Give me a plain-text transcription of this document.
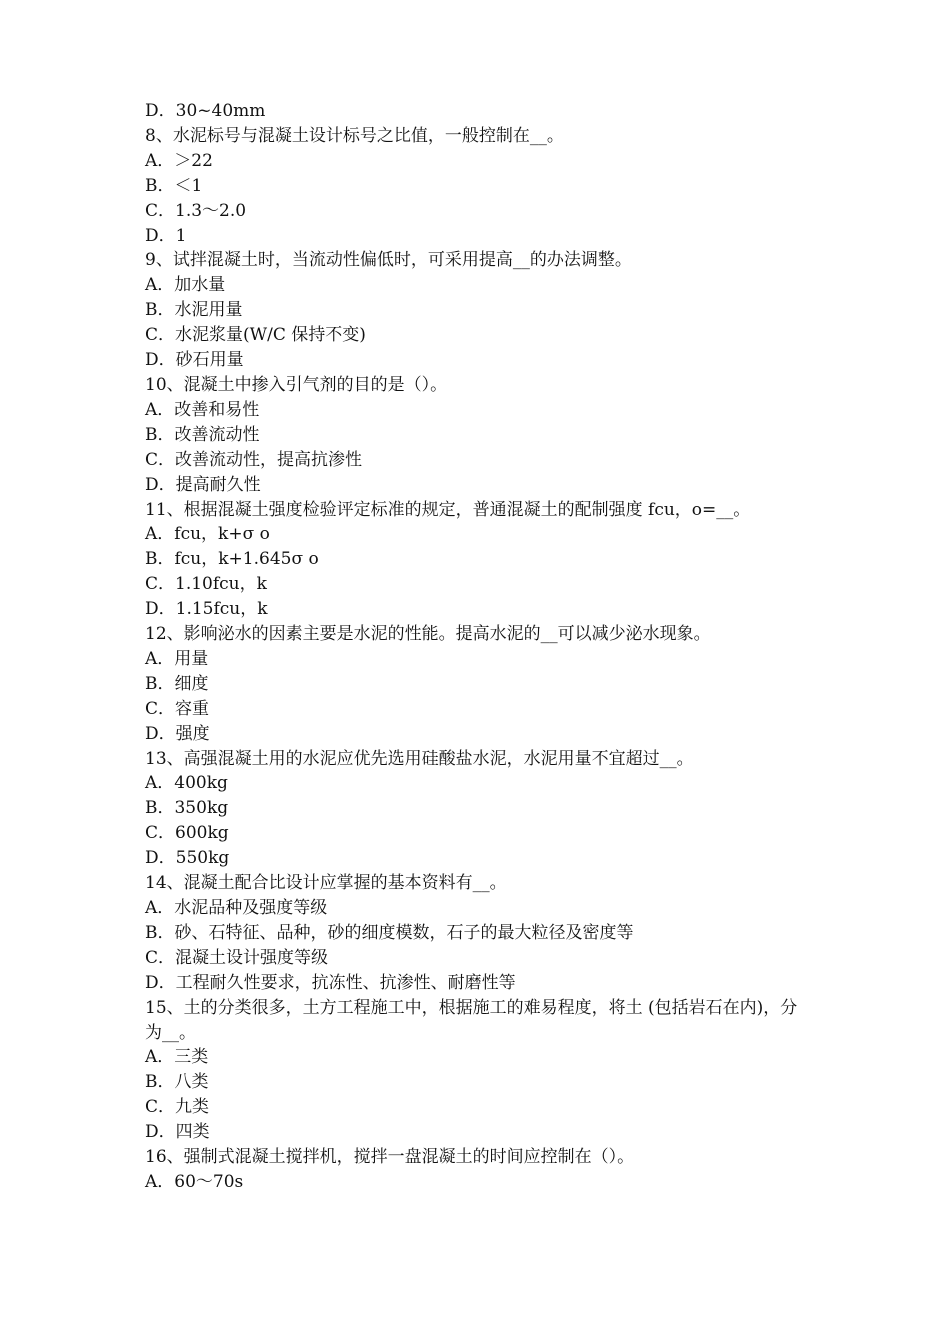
D．30~40mm
8、水泥标号与混凝土设计标号之比值，一般控制在__。
A．＞22
B．＜1
C．1.3～2.0
D．1
9、试拌混凝土时，当流动性偏低时，可采用提高__的办法调整。
A．加水量
B．水泥用量
C．水泥浆量(W/C 保持不变)
D．砂石用量
10、混凝土中掺入引气剂的目的是（）。
A．改善和易性
B．改善流动性
C．改善流动性，提高抗渗性
D．提高耐久性
11、根据混凝土强度检验评定标准的规定，普通混凝土的配制强度 fcu，o=__。
A．fcu，k+σ o
B．fcu，k+1.645σ o
C．1.10fcu，k
D．1.15fcu，k
12、影响泌水的因素主要是水泥的性能。提高水泥的__可以减少泌水现象。
A．用量
B．细度
C．容重
D．强度
13、高强混凝土用的水泥应优先选用硅酸盐水泥，水泥用量不宜超过__。
A．400kg
B．350kg
C．600kg
D．550kg
14、混凝土配合比设计应掌握的基本资料有__。
A．水泥品种及强度等级
B．砂、石特征、品种，砂的细度模数，石子的最大粒径及密度等
C．混凝土设计强度等级
D．工程耐久性要求，抗冻性、抗渗性、耐磨性等
15、土的分类很多，土方工程施工中，根据施工的难易程度，将土 (包括岩石在内)，分为__。
A．三类
B．八类
C．九类
D．四类
16、强制式混凝土搅拌机，搅拌一盘混凝土的时间应控制在（）。
A．60～70s
